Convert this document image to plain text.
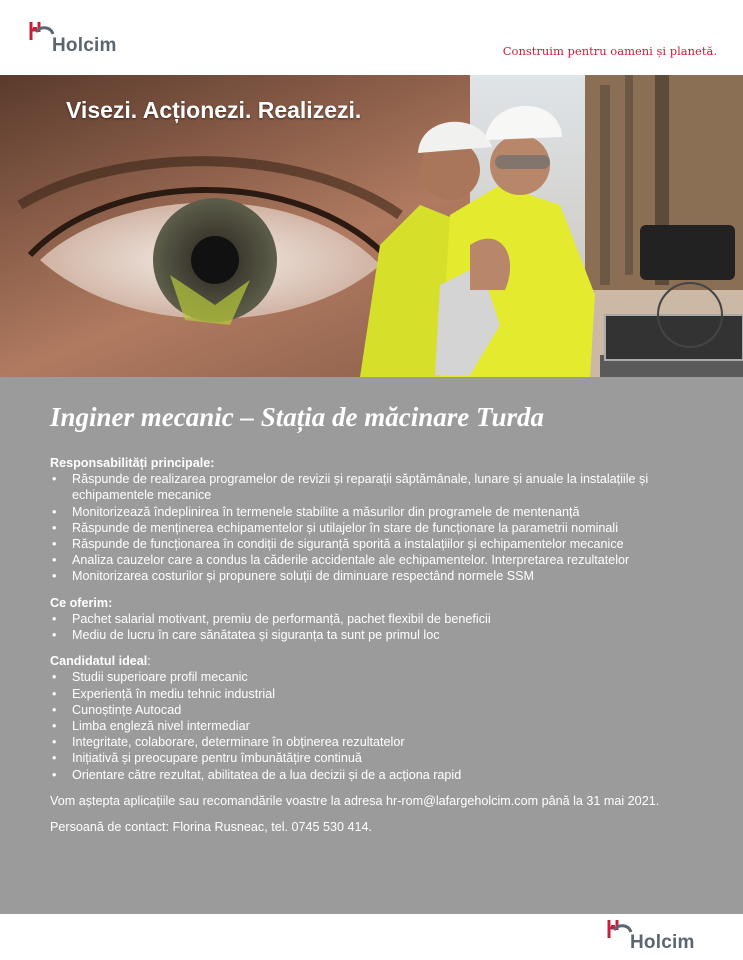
Holcim	Construim pentru oameni și planetă.
Visezi. Acționezi. Realizezi.
Inginer mecanic – Stația de măcinare Turda
Responsabilități principale:
• Răspunde de realizarea programelor de revizii și reparații săptămânale, lunare și anuale la instalațiile și echipamentele mecanice
• Monitorizează îndeplinirea în termenele stabilite a măsurilor din programele de mentenanță
• Răspunde de menținerea echipamentelor și utilajelor în stare de funcționare la parametrii nominali
• Răspunde de funcționarea în condiții de siguranță sporită a instalațiilor și echipamentelor mecanice
• Analiza cauzelor care a condus la căderile accidentale ale echipamentelor. Interpretarea rezultatelor
• Monitorizarea costurilor și propunere soluții de diminuare respectând normele SSM
Ce oferim:
• Pachet salarial motivant, premiu de performanță, pachet flexibil de beneficii
• Mediu de lucru în care sănătatea și siguranța ta sunt pe primul loc
Candidatul ideal:
• Studii superioare profil mecanic
• Experiență în mediu tehnic industrial
• Cunoștințe Autocad
• Limba engleză nivel intermediar
• Integritate, colaborare, determinare în obținerea rezultatelor
• Inițiativă și preocupare pentru îmbunătățire continuă
• Orientare către rezultat, abilitatea de a lua decizii și de a acționa rapid
Vom aștepta aplicațiile sau recomandările voastre la adresa hr-rom@lafargeholcim.com până la 31 mai 2021.
Persoană de contact: Florina Rusneac, tel. 0745 530 414.
Holcim
